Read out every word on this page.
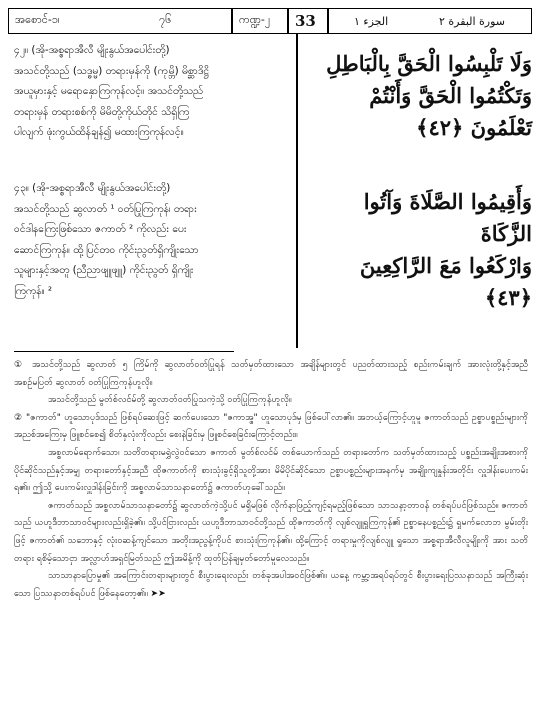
အစောင်-၁၊	၇၆	ကဏ္ဍ-၂ 33	الجزء ١	سورة البقرة ٢
၄၂။ (အို-အစ္စရာအီလီ မျိုးနွယ်အပေါင်းတို့)
အသင်တို့သည် (သဒ္ဓမ္မ) တရားမှန်ကို (ကုမ္ဘိ) မိစ္ဆာဒိဋ္ဌိ
အယူမှားနှင့် မရောနှောကြကုန်လင့်။ အသင်တို့သည်
တရားမှန် တရားစစ်ကို မိမိတို့ကိုယ်တိုင် သိရှိကြ
ပါလျက် ဖုံးကွယ်ထိန်ချန်၍ မထားကြကုန်လင့်။
وَلَا تَلْبِسُوا الْحَقَّ بِالْبَاطِلِ
وَتَكْتُمُوا الْحَقَّ وَأَنْتُمْ
تَعْلَمُونَ ﴿٤٢﴾
၄၃။ (အို-အစ္စရာအီလီ မျိုးနွယ်အပေါင်းတို့)
အသင်တို့သည် ဆွလာတ် ¹ ဝတ်ပြုကြကုန်၊ တရား
ဝင်ဒါနကြေးဖြစ်သော ဇကာတ် ² ကိုလည်း ပေး
ဆောင်ကြကုန်။ ထို့ပြင်တဝ ကိုင်းညွတ်ရှိကျိုးသော
သူများနှင့်အတူ (ညီညာဖျူဖျူ) ကိုင်းညွတ် ရှိကျိုး
ကြကုန်။ ²
وَأَقِيمُوا الصَّلَاةَ وَآتُوا الزَّكَاةَ
وَارْكَعُوا مَعَ الرَّاكِعِينَ ﴿٤٣﴾

① အသင်တို့သည် ဆွလာတ် ၅ ကြိမ်ကို ဆွလာတ်ဝတ်ပြုရန် သတ်မှတ်ထားသော အချိန်များတွင် ပညတ်ထားသည့် စည်းကမ်းချက် အားလုံးတို့နှင့်အညီ အစဉ်မပြတ် ဆွလာတ် ဝတ်ပြုကြကုန်ဟူလို။

အသင်တို့သည် မွတ်စ်လင်မ်တို့ ဆွလာတ်ဝတ်ပြုသကဲ့သို့ ဝတ်ပြုကြကုန်ဟူလို။

② "ဇကာတ်" ဟူသောပုဒ်သည် ဖြစ်ရပ်ဆေးဖြင့် ဆက်ပေးသော "ဇကာအ္ဖ" ဟူသောပုဒ်မှ ဖြစ်ပေါ်လာ၏။ အဘယ့်ကြောင့်ဟူမူ ဇကာတ်သည် ဥစ္စာပစ္စည်းများကို အညစ်အကြေးမှ ဖြူစင်စေ၍ စိတ်နှလုံးကိုလည်း စေးနဲခြင်းမှ ဖြူစင်စေခြင်းကြောင့်တည်း။

အစ္စလာမ်ရောက်သော၊ သတိတရားမရွှဲလွဲဝင်သော ဇကာတ် မွတ်စ်လင်မ် တစ်ယောက်သည် တရားတော်က သတ်မှတ်ထားသည့် ပစ္စည်းအချိုးအစားကို ပိုင်ဆိုင်သည်နှင့်အမျှ တရားတော်နှင့်အညီ ထိုဇကာတ်ကို စားသုံးခွင့်ရှိသူတို့အား မိမိပိုင်ဆိုင်သော ဥစ္စာပစ္စည်းများအနက်မှ အချိုးကျနှုန်းအတိုင်း လှူဒါန်းပေးကမ်းရ၏။ ဤသို့ ပေးကမ်းလှူဒါန်းခြင်းကို အစ္စလာမ်သာသနာတော်၌ ဇကာတ်ဟုခေါ်သည်။

ဇကာတ်သည် အစ္စလာမ်သာသနာတော်၌ ဆွလာတ်ကဲ့သို့ပင် မရှိမဖြစ် လိုက်နာဖြည့်ကျင့်ရမည့်ဖြစ်သော သာသနာ့တာဝန် တစ်ရပ်ပင်ဖြစ်သည်။ ဇကာတ်သည် ယဟူဒီဘာသာဝင်များလည်းရှိခဲ့၏။ သို့ပင်ငြားလည်း ယဟူဒီဘာသာဝင်တို့သည် ထိုဇကာတ်ကို လျစ်လျူရှုကြကုန်၏ ဥစ္စာနေပစ္စည်း၌ ရှုမက်လောဘ မွမ်းတိုးဖြင့် ဇကာတ်၏ သဘောနှင့် လုံးဝဆန့်ကျင်သော အတိုးအညွန့်ကိုပင် စားသုံးကြကုန်၏။ ထို့ကြောင့် တရားမှုကိုလျစ်လျူ ရှုသော အစ္စရာအီလီလူမျိုးကို အား သတိတရား ရစိမ့်သောငှာ အလ္လာဟ်အရှင်မြတ်သည် ဤအမိန့်ကို ထုတ်ပြန်ချမှတ်တော်မူလေသည်။

သာသာနာပြောမှု၏ အကြောင်းတရားများတွင် စီးပွားရေးလည်း တစ်ခုအပါအဝင်ဖြစ်၏။ ယနေ့ ကမ္ဘာ့အရပ်ရပ်တွင် စီးပွားရေးပြဿနာသည် အကြီးဆုံးသော ပြဿနာတစ်ရပ်ပင် ဖြစ်နေတော့၏။ ➤➤
